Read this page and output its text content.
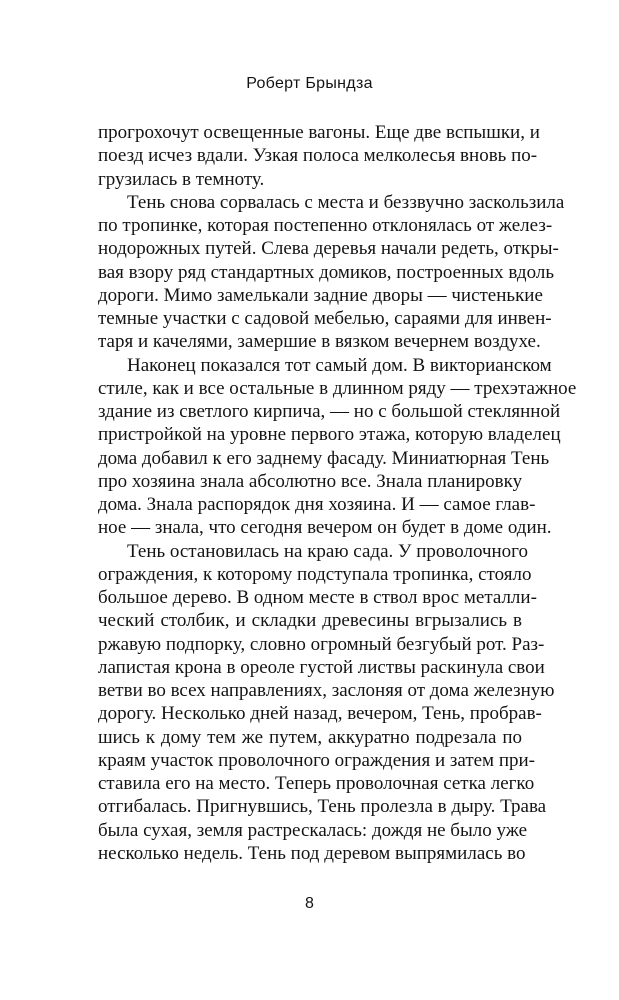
Роберт Брындза
прогрохочут освещенные вагоны. Еще две вспышки, и
поезд исчез вдали. Узкая полоса мелколесья вновь по-
грузилась в темноту.
Тень снова сорвалась с места и беззвучно заскользила
по тропинке, которая постепенно отклонялась от желез-
нодорожных путей. Слева деревья начали редеть, откры-
вая взору ряд стандартных домиков, построенных вдоль
дороги. Мимо замелькали задние дворы — чистенькие
темные участки с садовой мебелью, сараями для инвен-
таря и качелями, замершие в вязком вечернем воздухе.
Наконец показался тот самый дом. В викторианском
стиле, как и все остальные в длинном ряду — трехэтажное
здание из светлого кирпича, — но с большой стеклянной
пристройкой на уровне первого этажа, которую владелец
дома добавил к его заднему фасаду. Миниатюрная Тень
про хозяина знала абсолютно все. Знала планировку
дома. Знала распорядок дня хозяина. И — самое глав-
ное — знала, что сегодня вечером он будет в доме один.
Тень остановилась на краю сада. У проволочного
ограждения, к которому подступала тропинка, стояло
большое дерево. В одном месте в ствол врос металли-
ческий столбик, и складки древесины вгрызались в
ржавую подпорку, словно огромный безгубый рот. Раз-
лапистая крона в ореоле густой листвы раскинула свои
ветви во всех направлениях, заслоняя от дома железную
дорогу. Несколько дней назад, вечером, Тень, пробрав-
шись к дому тем же путем, аккуратно подрезала по
краям участок проволочного ограждения и затем при-
ставила его на место. Теперь проволочная сетка легко
отгибалась. Пригнувшись, Тень пролезла в дыру. Трава
была сухая, земля растрескалась: дождя не было уже
несколько недель. Тень под деревом выпрямилась во
8
